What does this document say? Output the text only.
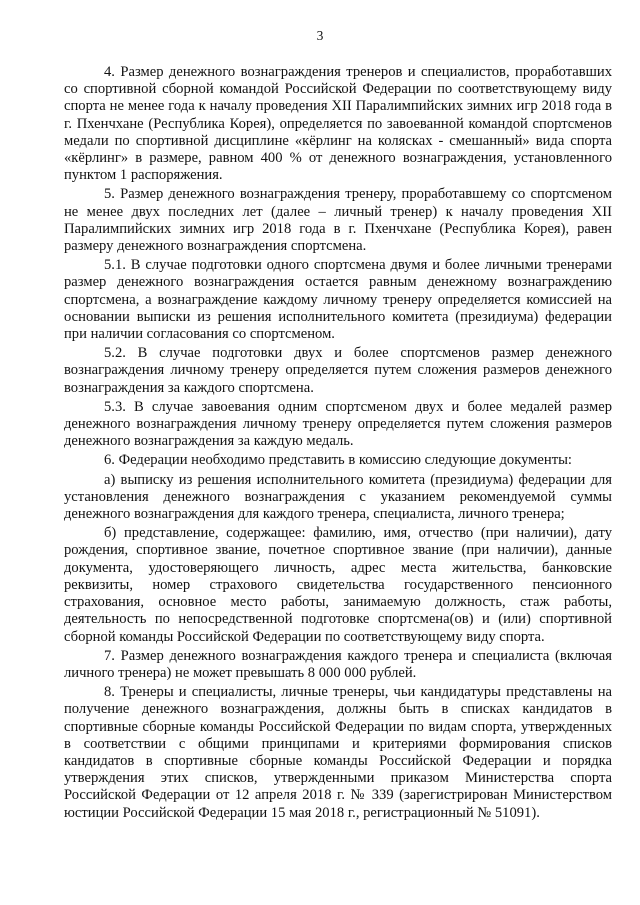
3

4. Размер денежного вознаграждения тренеров и специалистов, проработавших со спортивной сборной командой Российской Федерации по соответствующему виду спорта не менее года к началу проведения XII Паралимпийских зимних игр 2018 года в г. Пхенчхане (Республика Корея), определяется по завоеванной командой спортсменов медали по спортивной дисциплине «кёрлинг на колясках - смешанный» вида спорта «кёрлинг» в размере, равном 400 % от денежного вознаграждения, установленного пунктом 1 распоряжения.

5. Размер денежного вознаграждения тренеру, проработавшему со спортсменом не менее двух последних лет (далее – личный тренер) к началу проведения XII Паралимпийских зимних игр 2018 года в г. Пхенчхане (Республика Корея), равен размеру денежного вознаграждения спортсмена.

5.1. В случае подготовки одного спортсмена двумя и более личными тренерами размер денежного вознаграждения остается равным денежному вознаграждению спортсмена, а вознаграждение каждому личному тренеру определяется комиссией на основании выписки из решения исполнительного комитета (президиума) федерации при наличии согласования со спортсменом.

5.2. В случае подготовки двух и более спортсменов размер денежного вознаграждения личному тренеру определяется путем сложения размеров денежного вознаграждения за каждого спортсмена.

5.3. В случае завоевания одним спортсменом двух и более медалей размер денежного вознаграждения личному тренеру определяется путем сложения размеров денежного вознаграждения за каждую медаль.

6. Федерации необходимо представить в комиссию следующие документы:

а) выписку из решения исполнительного комитета (президиума) федерации для установления денежного вознаграждения с указанием рекомендуемой суммы денежного вознаграждения для каждого тренера, специалиста, личного тренера;

б) представление, содержащее: фамилию, имя, отчество (при наличии), дату рождения, спортивное звание, почетное спортивное звание (при наличии), данные документа, удостоверяющего личность, адрес места жительства, банковские реквизиты, номер страхового свидетельства государственного пенсионного страхования, основное место работы, занимаемую должность, стаж работы, деятельность по непосредственной подготовке спортсмена(ов) и (или) спортивной сборной команды Российской Федерации по соответствующему виду спорта.

7. Размер денежного вознаграждения каждого тренера и специалиста (включая личного тренера) не может превышать 8 000 000 рублей.

8. Тренеры и специалисты, личные тренеры, чьи кандидатуры представлены на получение денежного вознаграждения, должны быть в списках кандидатов в спортивные сборные команды Российской Федерации по видам спорта, утвержденных в соответствии с общими принципами и критериями формирования списков кандидатов в спортивные сборные команды Российской Федерации и порядка утверждения этих списков, утвержденными приказом Министерства спорта Российской Федерации от 12 апреля 2018 г. № 339 (зарегистрирован Министерством юстиции Российской Федерации 15 мая 2018 г., регистрационный № 51091).
